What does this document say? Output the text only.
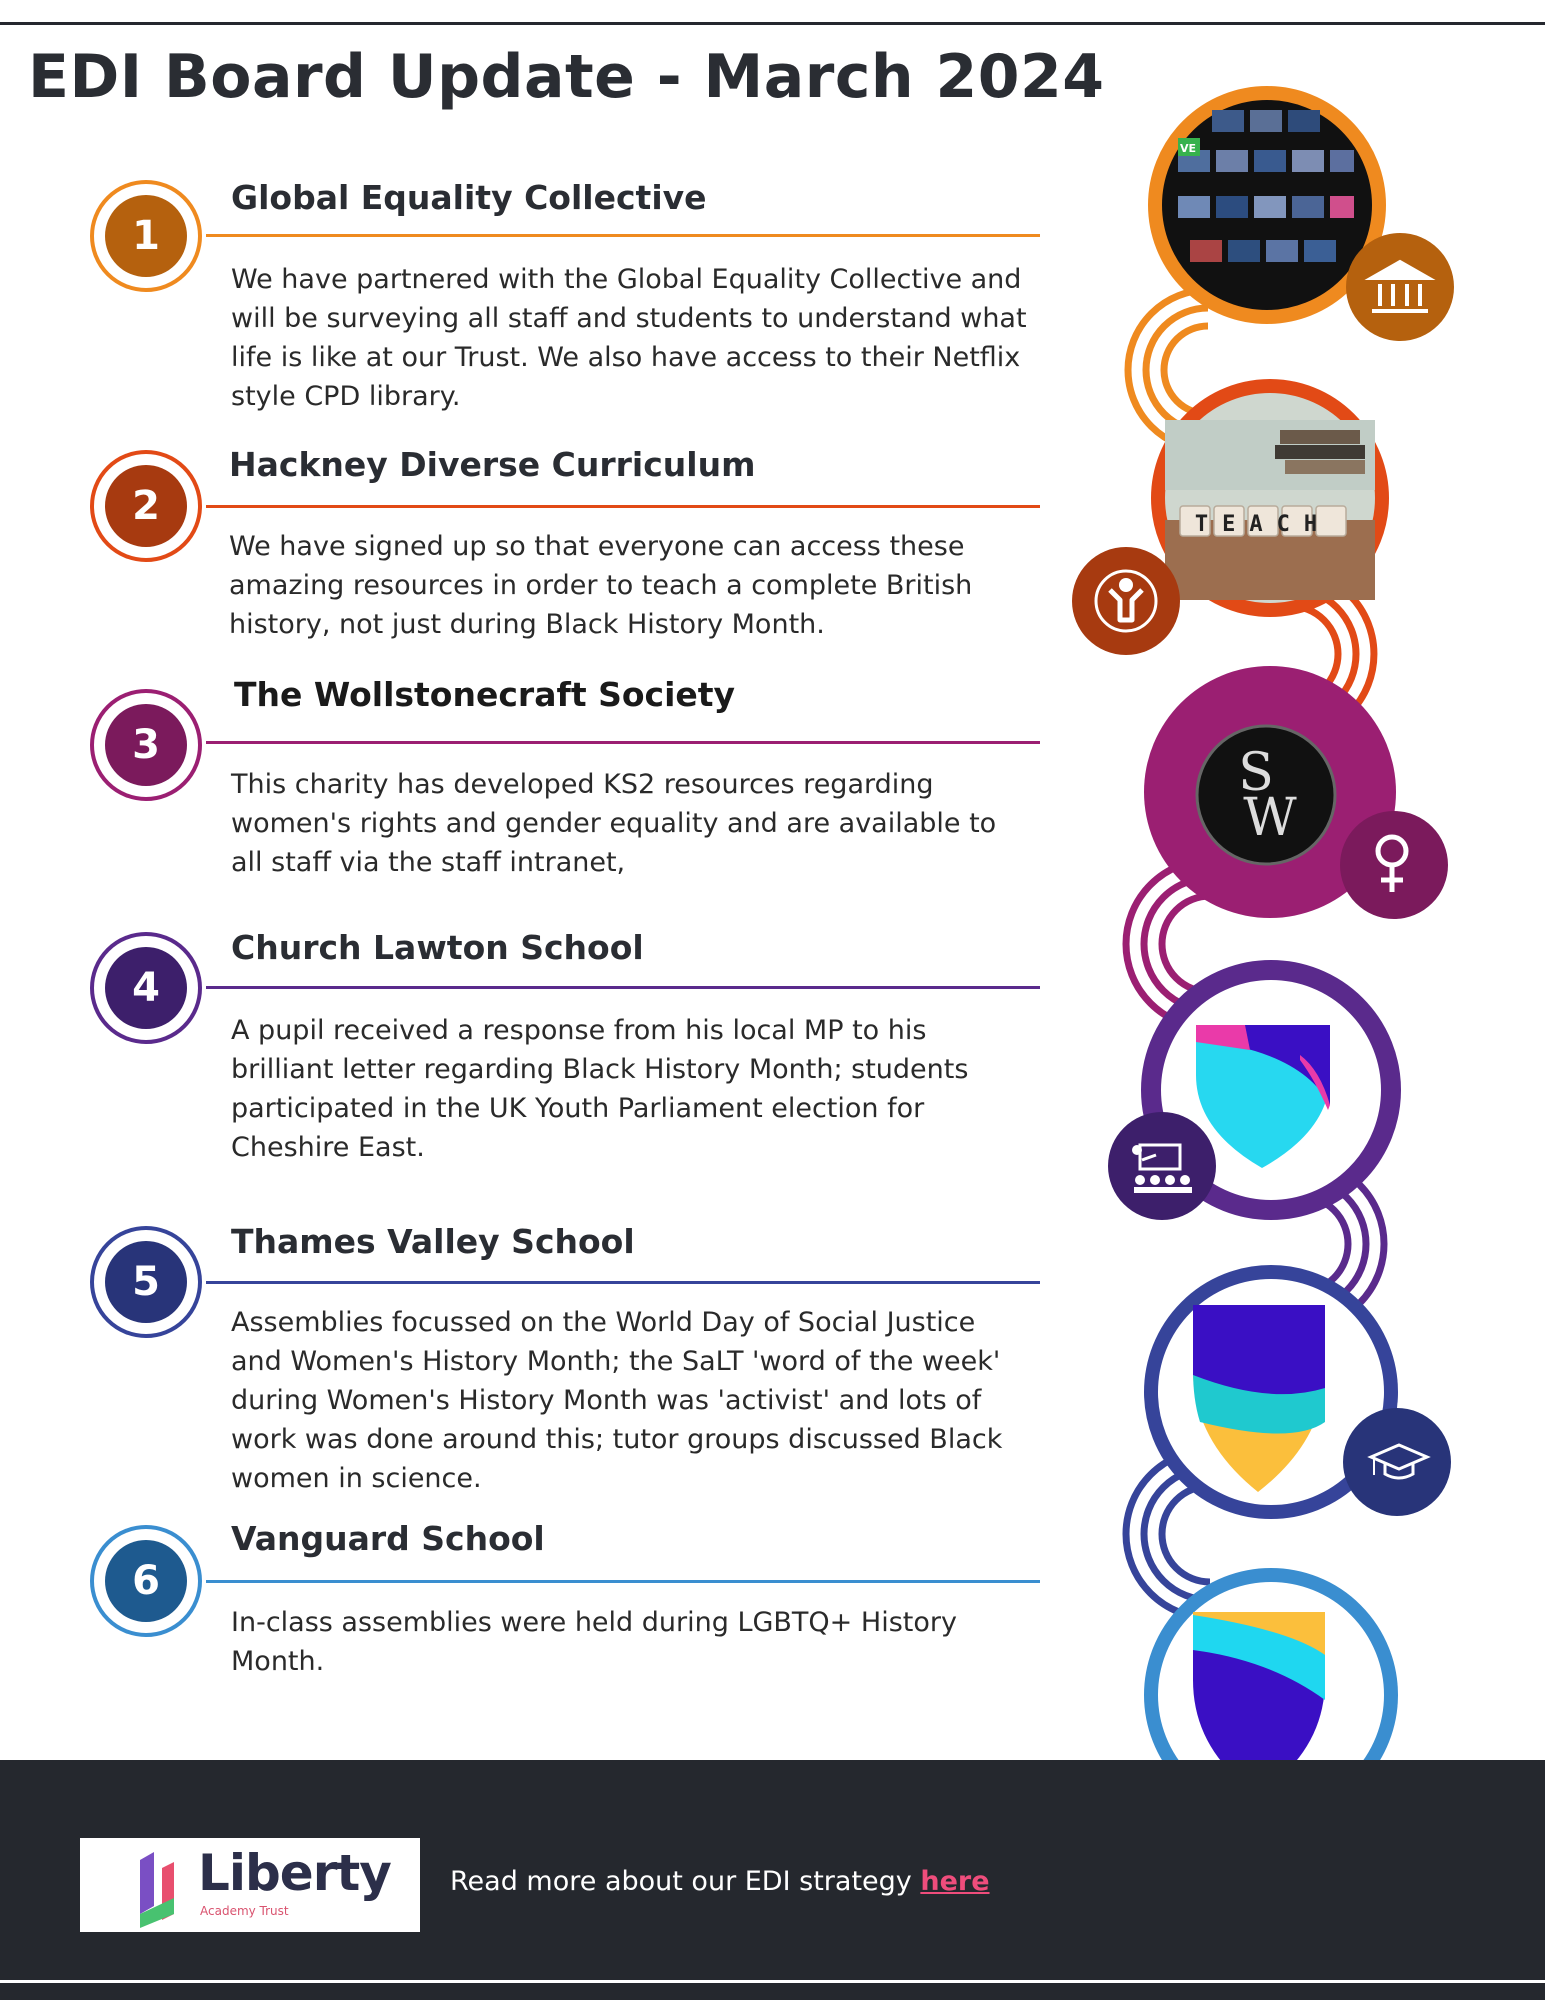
EDI Board Update - March 2024
1
Global Equality Collective

We have partnered with the Global Equality Collective and will be surveying all staff and students to understand what life is like at our Trust. We also have access to their Netflix style CPD library.

2
Hackney Diverse Curriculum

We have signed up so that everyone can access these amazing resources in order to teach a complete British history, not just during Black History Month.

3
The Wollstonecraft Society

This charity has developed KS2 resources regarding women's rights and gender equality and are available to all staff via the staff intranet,

4
Church Lawton School

A pupil received a response from his local MP to his brilliant letter regarding Black History Month; students participated in the UK Youth Parliament election for Cheshire East.

5
Thames Valley School

Assemblies focussed on the World Day of Social Justice and Women's History Month; the SaLT 'word of the week' during Women's History Month was 'activist' and lots of work was done around this; tutor groups discussed Black women in science.

6
Vanguard School

In-class assemblies were held during LGBTQ+ History Month.

VE
TEACH
S
W
Liberty
Academy Trust
Read more about our EDI strategy here
